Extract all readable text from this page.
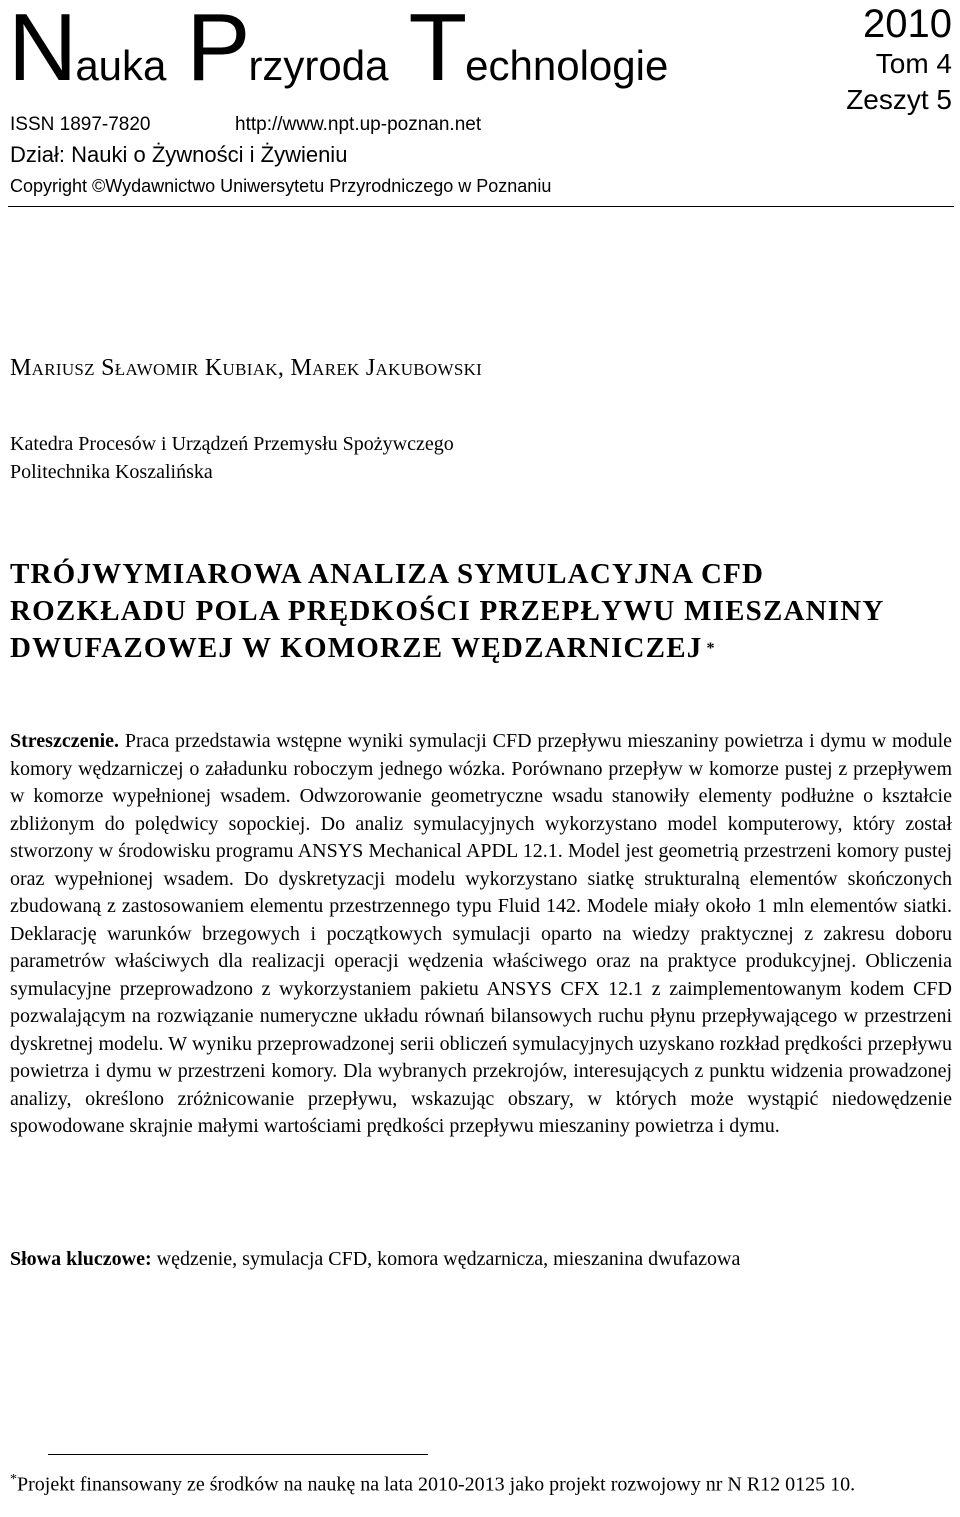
Nauka Przyroda Technologie
2010
Tom 4
Zeszyt 5
ISSN 1897-7820	http://www.npt.up-poznan.net
Dział: Nauki o Żywności i Żywieniu
Copyright ©Wydawnictwo Uniwersytetu Przyrodniczego w Poznaniu
Mariusz Sławomir Kubiak, Marek Jakubowski
Katedra Procesów i Urządzeń Przemysłu Spożywczego
Politechnika Koszalińska
TRÓJWYMIAROWA ANALIZA SYMULACYJNA CFD ROZKŁADU POLA PRĘDKOŚCI PRZEPŁYWU MIESZANINY DWUFAZOWEJ W KOMORZE WĘDZARNICZEJ *
Streszczenie. Praca przedstawia wstępne wyniki symulacji CFD przepływu mieszaniny powietrza i dymu w module komory wędzarniczej o załadunku roboczym jednego wózka. Porównano przepływ w komorze pustej z przepływem w komorze wypełnionej wsadem. Odwzorowanie geometryczne wsadu stanowiły elementy podłużne o kształcie zbliżonym do polędwicy sopockiej. Do analiz symulacyjnych wykorzystano model komputerowy, który został stworzony w środowisku programu ANSYS Mechanical APDL 12.1. Model jest geometrią przestrzeni komory pustej oraz wypełnionej wsadem. Do dyskretyzacji modelu wykorzystano siatkę strukturalną elementów skończonych zbudowaną z zastosowaniem elementu przestrzennego typu Fluid 142. Modele miały około 1 mln elementów siatki. Deklarację warunków brzegowych i początkowych symulacji oparto na wiedzy praktycznej z zakresu doboru parametrów właściwych dla realizacji operacji wędzenia właściwego oraz na praktyce produkcyjnej. Obliczenia symulacyjne przeprowadzono z wykorzystaniem pakietu ANSYS CFX 12.1 z zaimplementowanym kodem CFD pozwalającym na rozwiązanie numeryczne układu równań bilansowych ruchu płynu przepływającego w przestrzeni dyskretnej modelu. W wyniku przeprowadzonej serii obliczeń symulacyjnych uzyskano rozkład prędkości przepływu powietrza i dymu w przestrzeni komory. Dla wybranych przekrojów, interesujących z punktu widzenia prowadzonej analizy, określono zróżnicowanie przepływu, wskazując obszary, w których może wystąpić niedowędzenie spowodowane skrajnie małymi wartościami prędkości przepływu mieszaniny powietrza i dymu.
Słowa kluczowe: wędzenie, symulacja CFD, komora wędzarnicza, mieszanina dwufazowa
*Projekt finansowany ze środków na naukę na lata 2010-2013 jako projekt rozwojowy nr N R12 0125 10.
